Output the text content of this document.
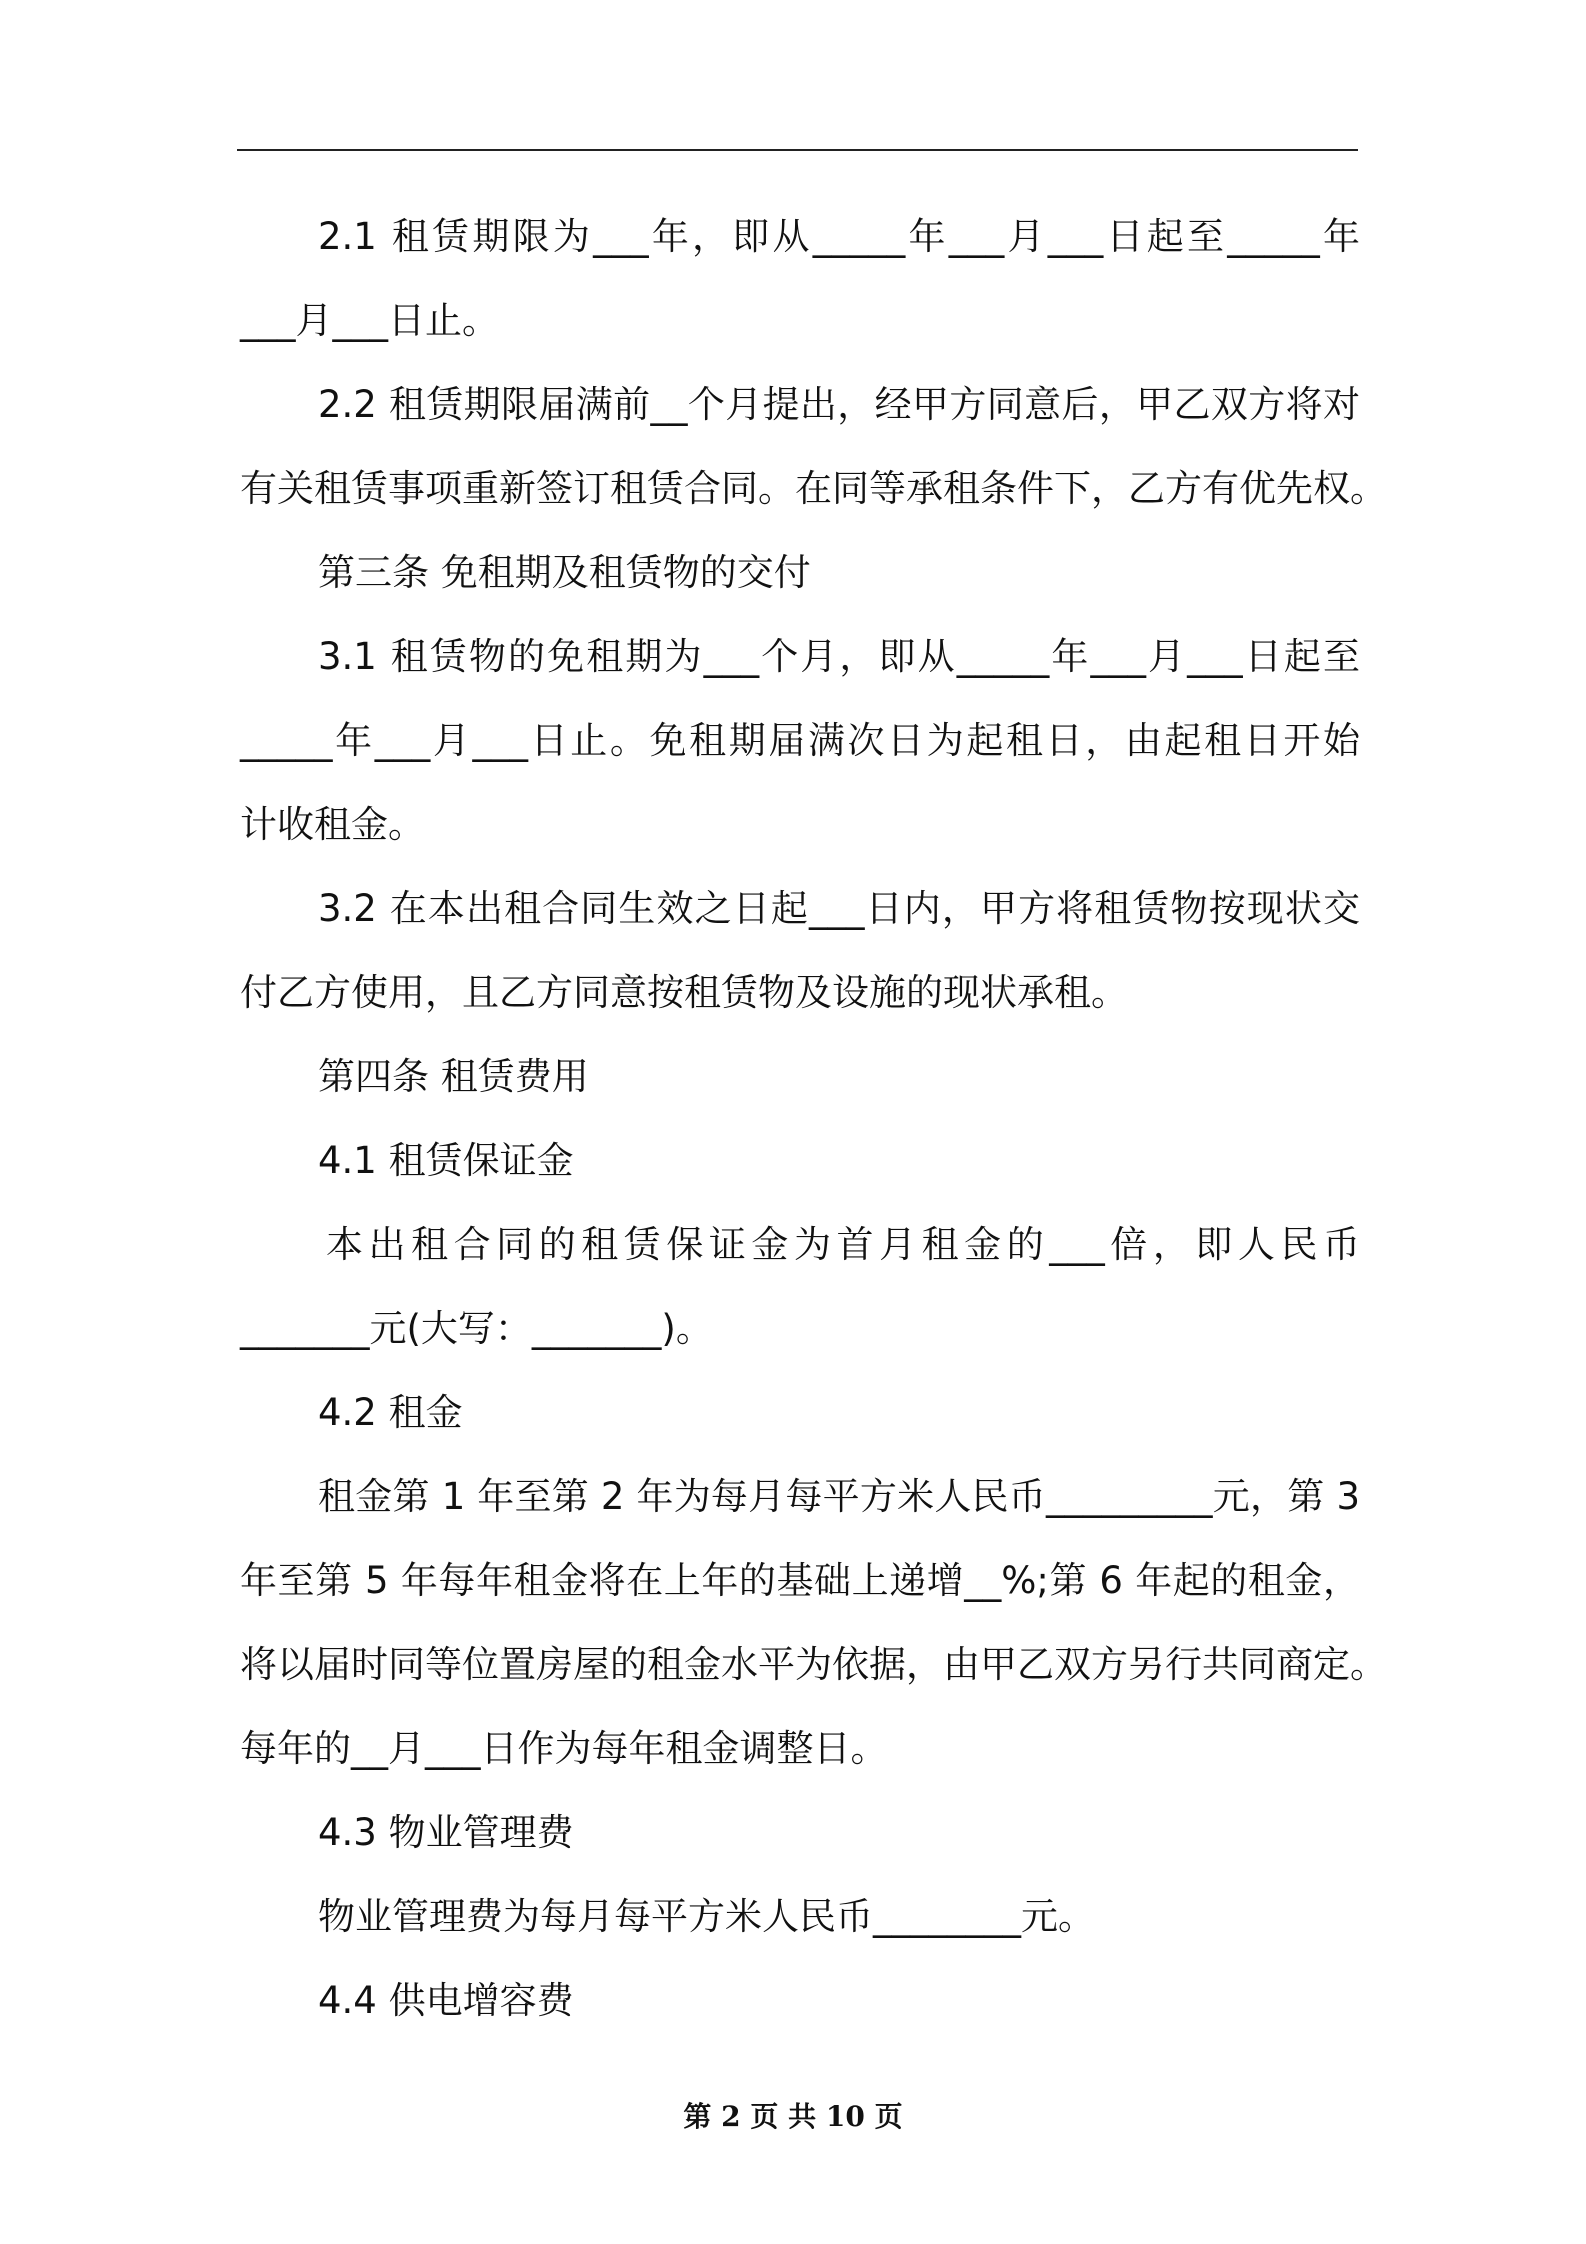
2.1 租赁期限为___年，即从_____年___月___日起至_____年
___月___日止。
2.2 租赁期限届满前__个月提出，经甲方同意后，甲乙双方将对
有关租赁事项重新签订租赁合同。在同等承租条件下，乙方有优先权。
第三条 免租期及租赁物的交付
3.1 租赁物的免租期为___个月，即从_____年___月___日起至
_____年___月___日止。免租期届满次日为起租日，由起租日开始
计收租金。
3.2 在本出租合同生效之日起___日内，甲方将租赁物按现状交
付乙方使用，且乙方同意按租赁物及设施的现状承租。
第四条 租赁费用
4.1 租赁保证金
本出租合同的租赁保证金为首月租金的___倍，即人民币
_______元(大写：_______)。
4.2 租金
租金第 1 年至第 2 年为每月每平方米人民币_________元，第 3
年至第 5 年每年租金将在上年的基础上递增__%;第 6 年起的租金，
将以届时同等位置房屋的租金水平为依据，由甲乙双方另行共同商定。
每年的__月___日作为每年租金调整日。
4.3 物业管理费
物业管理费为每月每平方米人民币________元。
4.4 供电增容费
第 2 页 共 10 页
